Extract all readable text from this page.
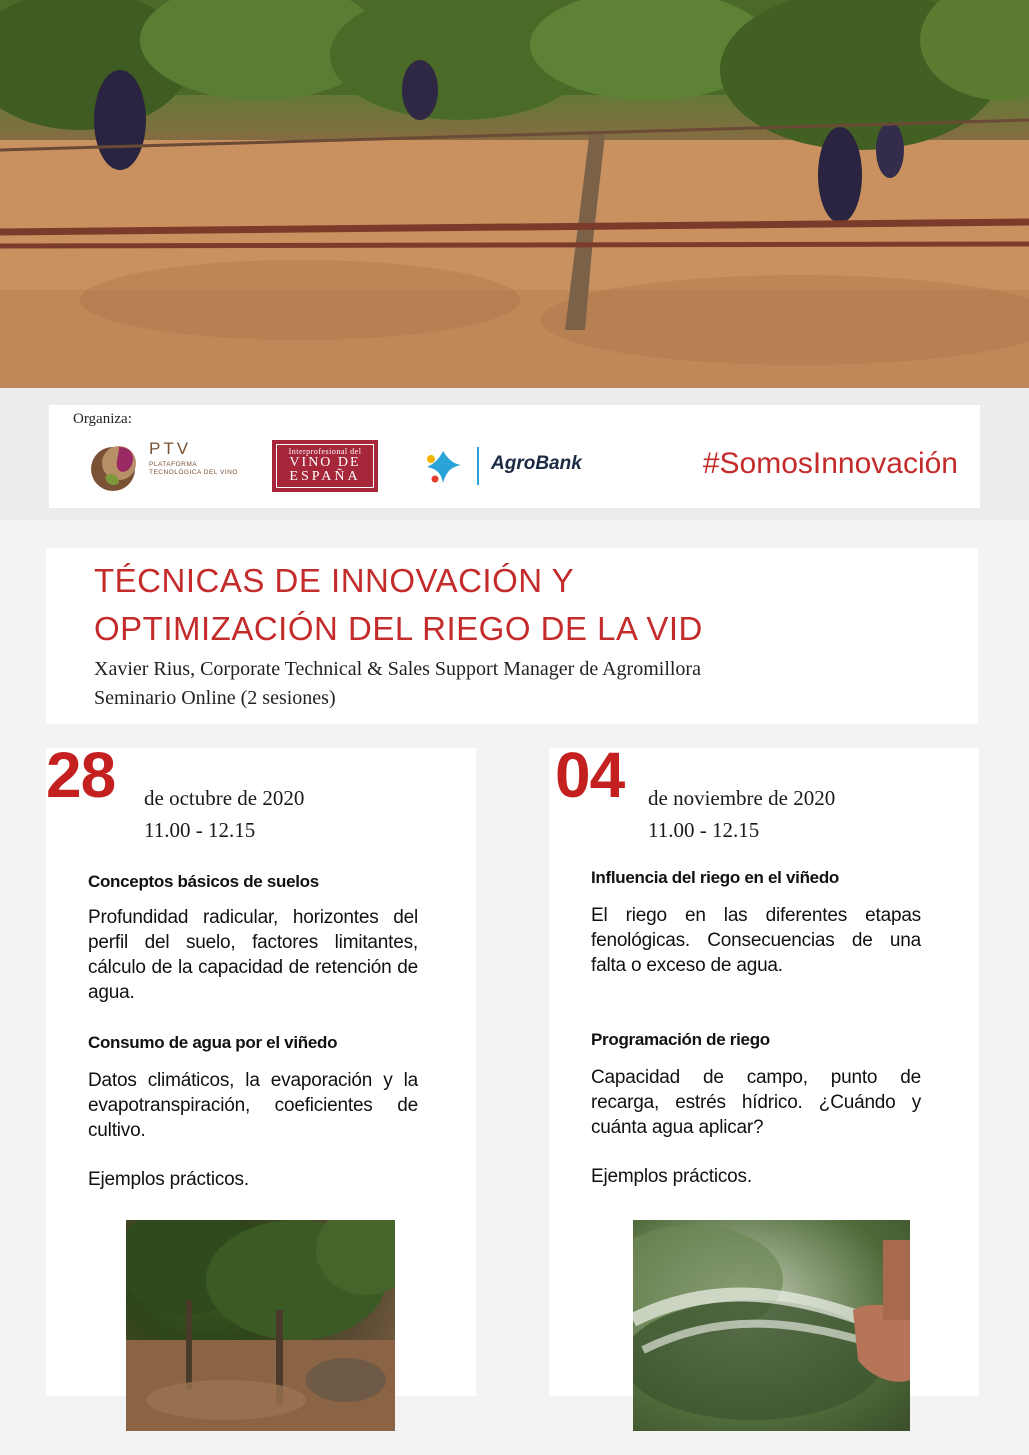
Organiza:
PTV
PLATAFORMA TECNOLÓGICA DEL VINO
Interprofesional del
VINO DE
ESPAÑA
AgroBank	#SomosInnovación
TÉCNICAS DE INNOVACIÓN Y
OPTIMIZACIÓN DEL RIEGO DE LA VID
Xavier Rius, Corporate Technical & Sales Support Manager de Agromillora
Seminario Online (2 sesiones)
28 de octubre de 2020
11.00 - 12.15
Conceptos básicos de suelos
Profundidad radicular, horizontes del perfil del suelo, factores limitantes, cálculo de la capacidad de retención de agua.
Consumo de agua por el viñedo
Datos climáticos, la evaporación y la evapotranspiración, coeficientes de cultivo.
Ejemplos prácticos.
04 de noviembre de 2020
11.00 - 12.15
Influencia del riego en el viñedo
El riego en las diferentes etapas fenológicas. Consecuencias de una falta o exceso de agua.
Programación de riego
Capacidad de campo, punto de recarga, estrés hídrico. ¿Cuándo y cuánta agua aplicar?
Ejemplos prácticos.
